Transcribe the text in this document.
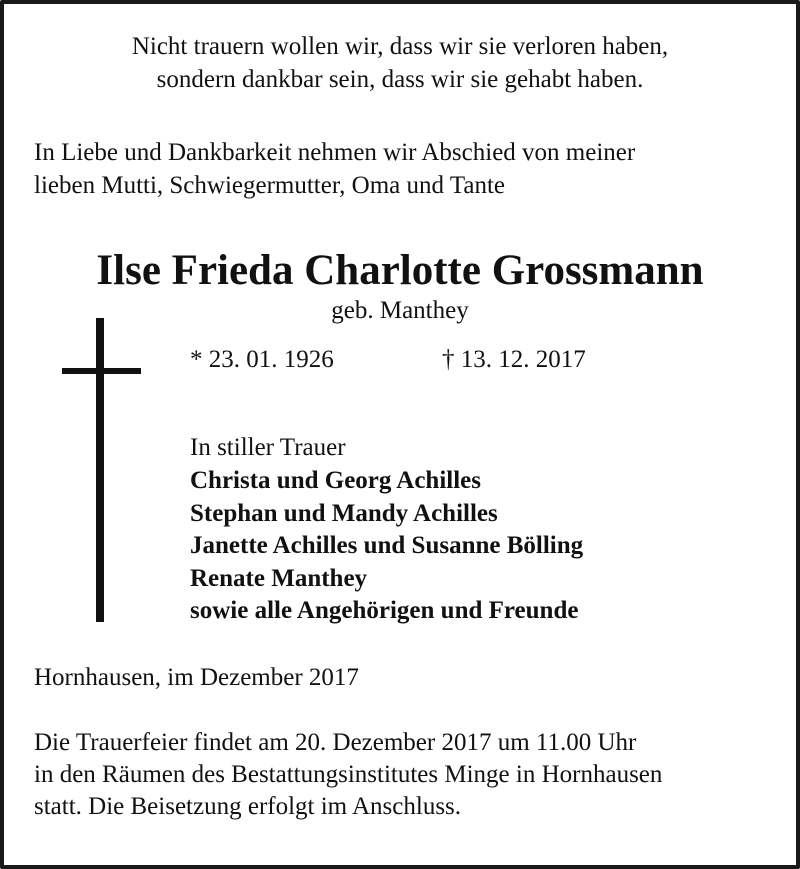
Nicht trauern wollen wir, dass wir sie verloren haben,
sondern dankbar sein, dass wir sie gehabt haben.
In Liebe und Dankbarkeit nehmen wir Abschied von meiner
lieben Mutti, Schwiegermutter, Oma und Tante
Ilse Frieda Charlotte Grossmann
geb. Manthey
* 23. 01. 1926	† 13. 12. 2017
In stiller Trauer
Christa und Georg Achilles
Stephan und Mandy Achilles
Janette Achilles und Susanne Bölling
Renate Manthey
sowie alle Angehörigen und Freunde
Hornhausen, im Dezember 2017
Die Trauerfeier findet am 20. Dezember 2017 um 11.00 Uhr
in den Räumen des Bestattungsinstitutes Minge in Hornhausen
statt. Die Beisetzung erfolgt im Anschluss.
